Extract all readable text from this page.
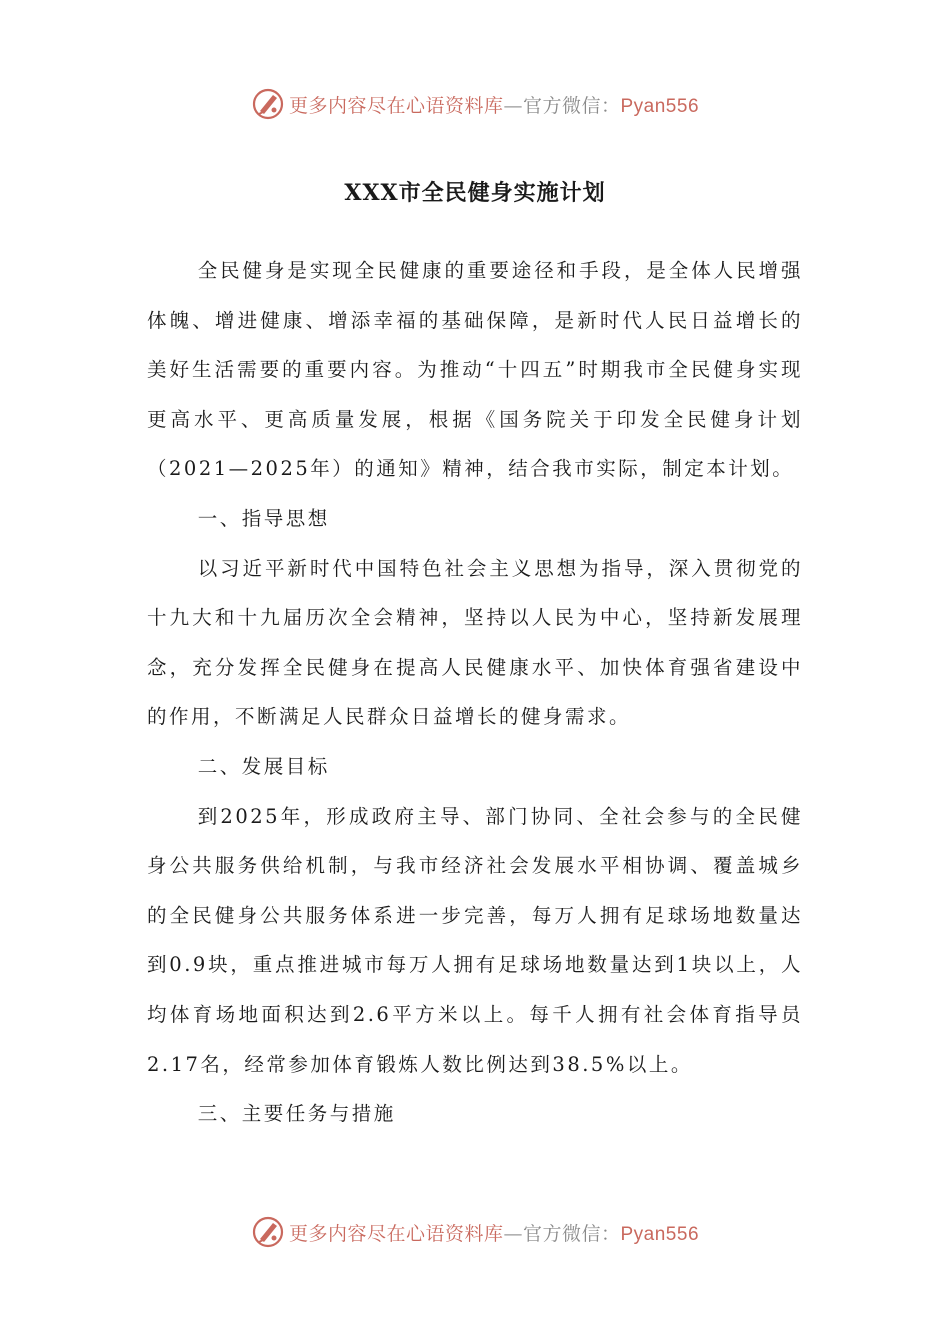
更多内容尽在心语资料库—官方微信：Pyan556
XXX市全民健身实施计划

全民健身是实现全民健康的重要途径和手段，是全体人民增强体魄、增进健康、增添幸福的基础保障，是新时代人民日益增长的美好生活需要的重要内容。为推动“十四五”时期我市全民健身实现更高水平、更高质量发展，根据《国务院关于印发全民健身计划（2021—2025年）的通知》精神，结合我市实际，制定本计划。

一、指导思想

以习近平新时代中国特色社会主义思想为指导，深入贯彻党的十九大和十九届历次全会精神，坚持以人民为中心，坚持新发展理念，充分发挥全民健身在提高人民健康水平、加快体育强省建设中的作用，不断满足人民群众日益增长的健身需求。

二、发展目标

到2025年，形成政府主导、部门协同、全社会参与的全民健身公共服务供给机制，与我市经济社会发展水平相协调、覆盖城乡的全民健身公共服务体系进一步完善，每万人拥有足球场地数量达到0.9块，重点推进城市每万人拥有足球场地数量达到1块以上，人均体育场地面积达到2.6平方米以上。每千人拥有社会体育指导员2.17名，经常参加体育锻炼人数比例达到38.5%以上。

三、主要任务与措施

更多内容尽在心语资料库—官方微信：Pyan556
